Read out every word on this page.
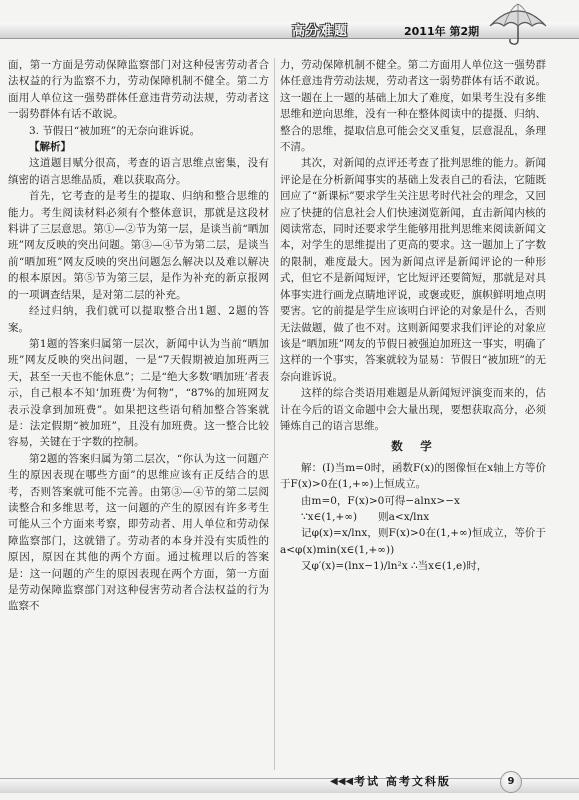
高分难题	2011年 第2期

面，第一方面是劳动保障监察部门对这种侵害劳动者合法权益的行为监察不力，劳动保障机制不健全。第二方面用人单位这一强势群体任意违背劳动法规，劳动者这一弱势群体有话不敢说。

3. 节假日“被加班”的无奈向谁诉说。

【解析】

这道题目赋分很高，考查的语言思维点密集，没有缜密的语言思维品质，难以获取高分。

首先，它考查的是考生的提取、归纳和整合思维的能力。考生阅读材料必须有个整体意识，那就是这段材料讲了三层意思。第①—②节为第一层，是谈当前“晒加班”网友反映的突出问题。第③—④节为第二层，是谈当前“晒加班”网友反映的突出问题怎么解决以及难以解决的根本原因。第⑤节为第三层，是作为补充的新京报网的一项调查结果，是对第二层的补充。

经过归纳，我们就可以提取整合出1题、2题的答案。

第1题的答案归属第一层次，新闻中认为当前“晒加班”网友反映的突出问题，一是“7天假期被迫加班两三天，甚至一天也不能休息”；二是“绝大多数‘晒加班’者表示，自己根本不知‘加班费’为何物”，“87%的加班网友表示没拿到加班费”。如果把这些语句稍加整合答案就是：法定假期“被加班”，且没有加班费。这一整合比较容易，关键在于字数的控制。

第2题的答案归属为第二层次，“你认为这一问题产生的原因表现在哪些方面”的思维应该有正反结合的思考，否则答案就可能不完善。由第③—④节的第二层阅读整合和多维思考，这一问题的产生的原因有许多考生可能从三个方面来考察，即劳动者、用人单位和劳动保障监察部门，这就错了。劳动者的本身并没有实质性的原因，原因在其他的两个方面。通过梳理以后的答案是：这一问题的产生的原因表现在两个方面，第一方面是劳动保障监察部门对这种侵害劳动者合法权益的行为监察不

力，劳动保障机制不健全。第二方面用人单位这一强势群体任意违背劳动法规，劳动者这一弱势群体有话不敢说。这一题在上一题的基础上加大了难度，如果考生没有多维思维和逆向思维，没有一种在整体阅读中的提摄、归纳、整合的思维，提取信息可能会交叉重复，层意混乱，条理不清。

其次，对新闻的点评还考查了批判思维的能力。新闻评论是在分析新闻事实的基础上发表自己的看法，它随既回应了“新课标”要求学生关注思考时代社会的理念，又回应了快捷的信息社会人们快速浏览新闻，直击新闻内核的阅读常态，同时还要求学生能够用批判思维来阅读新闻文本，对学生的思维提出了更高的要求。这一题加上了字数的限制，难度最大。因为新闻点评是新闻评论的一种形式，但它不是新闻短评，它比短评还要简短，那就是对具体事实进行画龙点睛地评说，或褒或贬，旗帜鲜明地点明要害。它的前提是学生应该明白评论的对象是什么，否则无法做题，做了也不对。这则新闻要求我们评论的对象应该是“晒加班”网友的节假日被强迫加班这一事实，明确了这样的一个事实，答案就较为显易：节假日“被加班”的无奈向谁诉说。

这样的综合类语用难题是从新闻短评演变而来的，估计在今后的语文命题中会大量出现，要想获取高分，必须锤炼自己的语言思维。

数　学

解：(Ⅰ)当m=0时，函数F(x)的图像恒在x轴上方等价于F(x)>0在(1,+∞)上恒成立。

由m=0，F(x)>0可得−alnx>−x

∵x∈(1,+∞)　　则a<x/lnx

记φ(x)=x/lnx，则F(x)>0在(1,+∞)恒成立，等价于a<φ(x)min(x∈(1,+∞))

又φ′(x)=(lnx−1)/ln²x ∴当x∈(1,e)时，

◀◀◀ 考试 高考文科版	9
